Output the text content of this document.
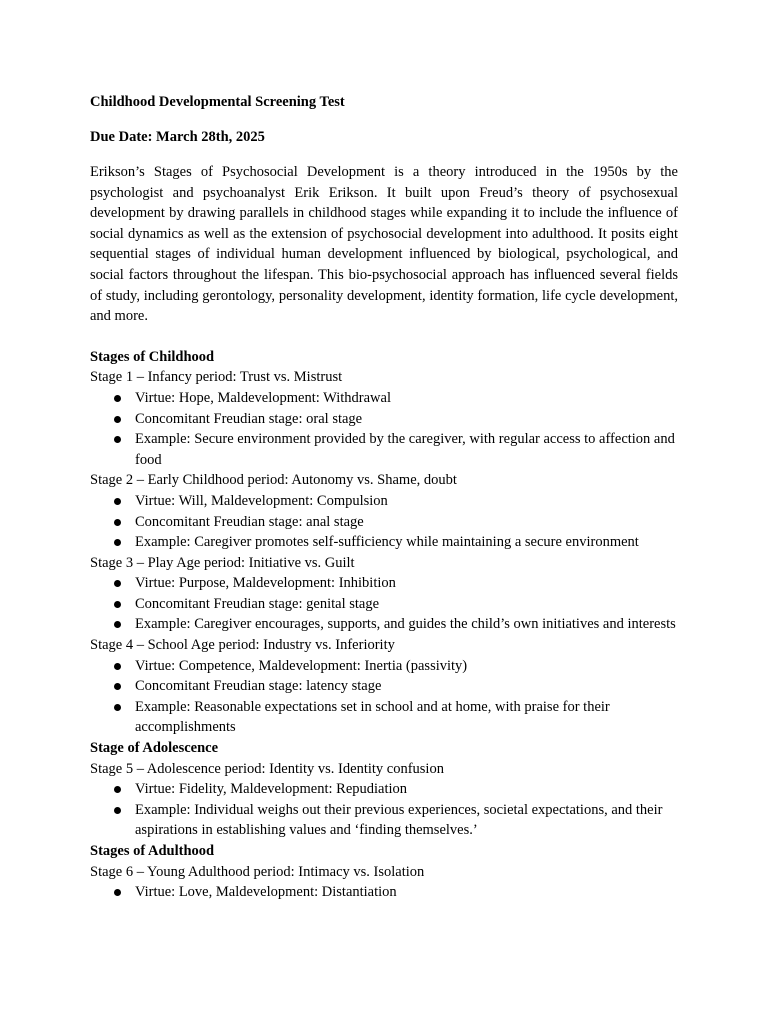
Childhood Developmental Screening Test

Due Date: March 28th, 2025

Erikson’s Stages of Psychosocial Development is a theory introduced in the 1950s by the psychologist and psychoanalyst Erik Erikson. It built upon Freud’s theory of psychosexual development by drawing parallels in childhood stages while expanding it to include the influence of social dynamics as well as the extension of psychosocial development into adulthood. It posits eight sequential stages of individual human development influenced by biological, psychological, and social factors throughout the lifespan. This bio-psychosocial approach has influenced several fields of study, including gerontology, personality development, identity formation, life cycle development, and more.

Stages of Childhood

Stage 1 – Infancy period: Trust vs. Mistrust

Virtue: Hope, Maldevelopment: Withdrawal
Concomitant Freudian stage: oral stage
Example: Secure environment provided by the caregiver, with regular access to affection and food

Stage 2 – Early Childhood period: Autonomy vs. Shame, doubt

Virtue: Will, Maldevelopment: Compulsion
Concomitant Freudian stage: anal stage
Example: Caregiver promotes self-sufficiency while maintaining a secure environment

Stage 3 – Play Age period: Initiative vs. Guilt

Virtue: Purpose, Maldevelopment: Inhibition
Concomitant Freudian stage: genital stage
Example: Caregiver encourages, supports, and guides the child’s own initiatives and interests

Stage 4 – School Age period: Industry vs. Inferiority

Virtue: Competence, Maldevelopment: Inertia (passivity)
Concomitant Freudian stage: latency stage
Example: Reasonable expectations set in school and at home, with praise for their accomplishments

Stage of Adolescence

Stage 5 – Adolescence period: Identity vs. Identity confusion

Virtue: Fidelity, Maldevelopment: Repudiation
Example: Individual weighs out their previous experiences, societal expectations, and their aspirations in establishing values and ‘finding themselves.’

Stages of Adulthood

Stage 6 – Young Adulthood period: Intimacy vs. Isolation

Virtue: Love, Maldevelopment: Distantiation
